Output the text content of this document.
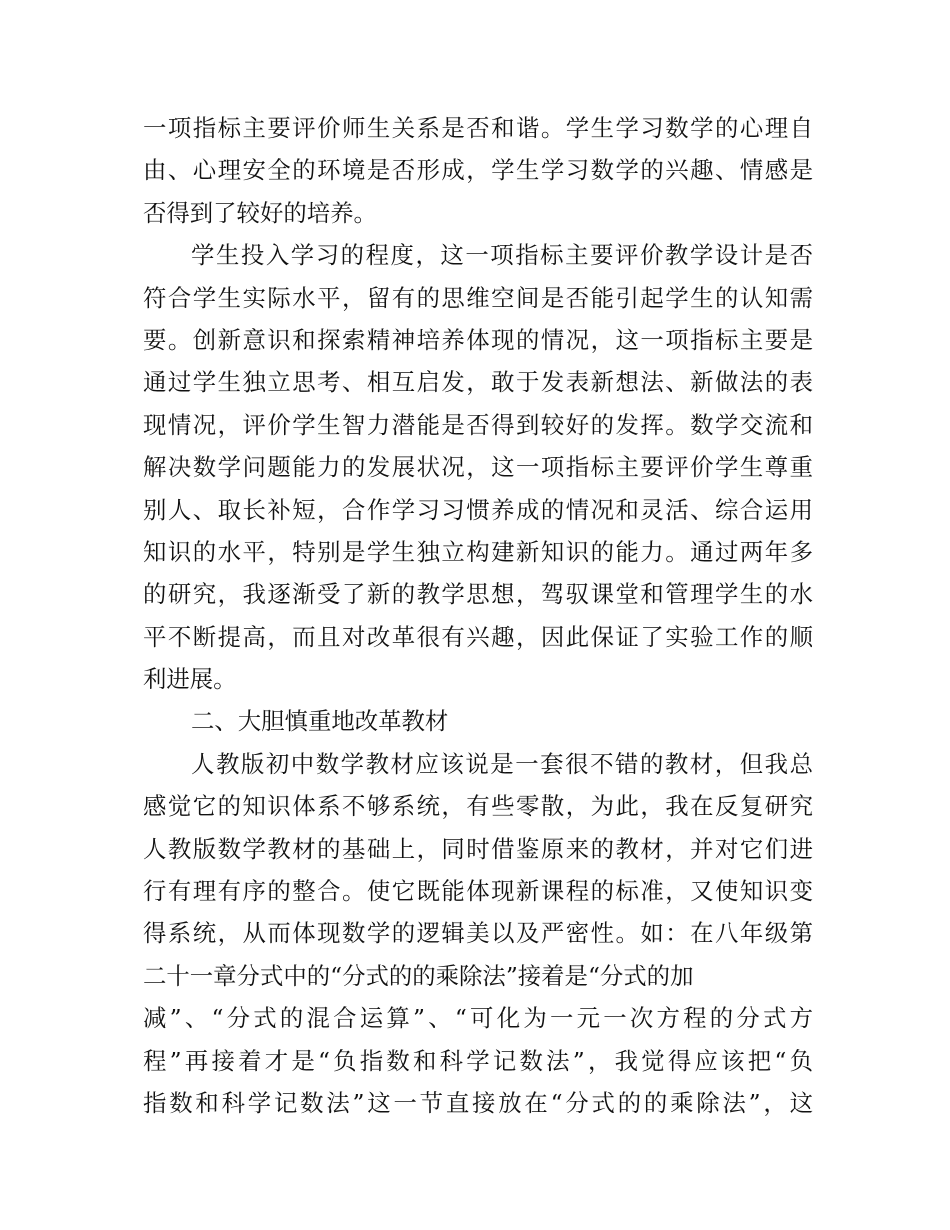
一项指标主要评价师生关系是否和谐。学生学习数学的心理自
由、心理安全的环境是否形成，学生学习数学的兴趣、情感是
否得到了较好的培养。
学生投入学习的程度，这一项指标主要评价教学设计是否
符合学生实际水平，留有的思维空间是否能引起学生的认知需
要。创新意识和探索精神培养体现的情况，这一项指标主要是
通过学生独立思考、相互启发，敢于发表新想法、新做法的表
现情况，评价学生智力潜能是否得到较好的发挥。数学交流和
解决数学问题能力的发展状况，这一项指标主要评价学生尊重
别人、取长补短，合作学习习惯养成的情况和灵活、综合运用
知识的水平，特别是学生独立构建新知识的能力。通过两年多
的研究，我逐渐受了新的教学思想，驾驭课堂和管理学生的水
平不断提高，而且对改革很有兴趣，因此保证了实验工作的顺
利进展。
二、大胆慎重地改革教材
人教版初中数学教材应该说是一套很不错的教材，但我总
感觉它的知识体系不够系统，有些零散，为此，我在反复研究
人教版数学教材的基础上，同时借鉴原来的教材，并对它们进
行有理有序的整合。使它既能体现新课程的标准，又使知识变
得系统，从而体现数学的逻辑美以及严密性。如：在八年级第
二十一章分式中的“分式的的乘除法”接着是“分式的加
减”、“分式的混合运算”、“可化为一元一次方程的分式方
程”再接着才是“负指数和科学记数法”，我觉得应该把“负
指数和科学记数法”这一节直接放在“分式的的乘除法”，这
